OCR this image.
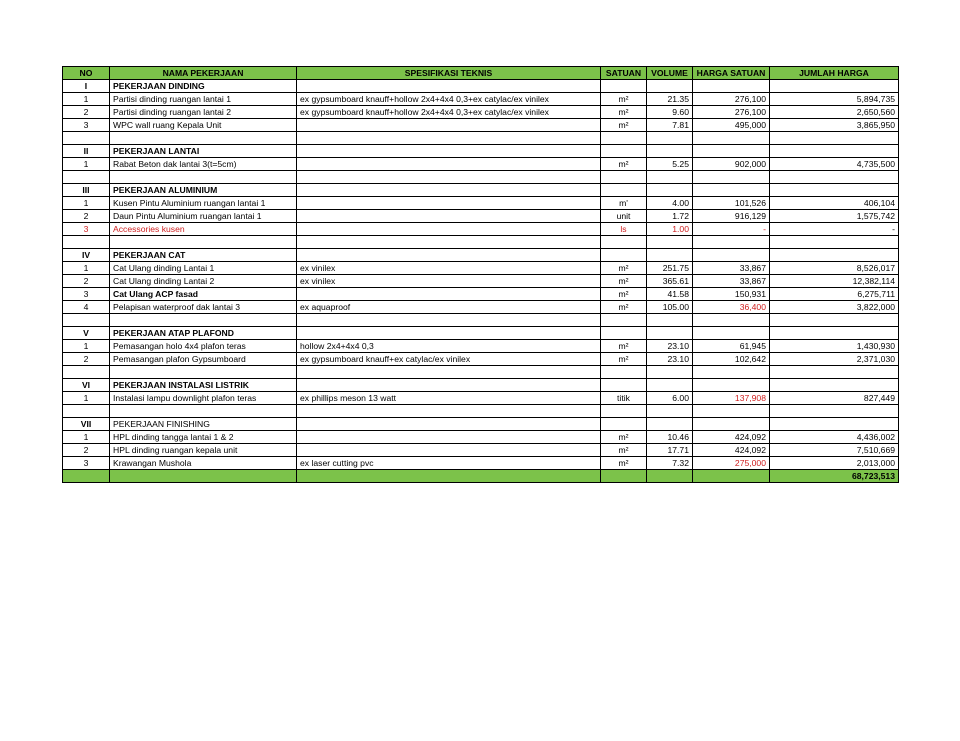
NO	NAMA PEKERJAAN	SPESIFIKASI TEKNIS	SATUAN	VOLUME	HARGA SATUAN	JUMLAH HARGA
I	PEKERJAAN DINDING					
1	Partisi dinding ruangan lantai 1	ex gypsumboard knauff+hollow 2x4+4x4 0,3+ex catylac/ex vinilex	m²	21.35	276,100	5,894,735
2	Partisi dinding ruangan lantai 2	ex gypsumboard knauff+hollow 2x4+4x4 0,3+ex catylac/ex vinilex	m²	9.60	276,100	2,650,560
3	WPC wall ruang Kepala Unit		m²	7.81	495,000	3,865,950

II	PEKERJAAN LANTAI					
1	Rabat Beton dak lantai 3(t=5cm)		m²	5.25	902,000	4,735,500

III	PEKERJAAN ALUMINIUM					
1	Kusen Pintu Aluminium ruangan lantai 1		m'	4.00	101,526	406,104
2	Daun Pintu Aluminium ruangan lantai 1		unit	1.72	916,129	1,575,742
3	Accessories kusen		ls	1.00	-	-

IV	PEKERJAAN CAT					
1	Cat Ulang dinding Lantai 1	ex vinilex	m²	251.75	33,867	8,526,017
2	Cat Ulang dinding Lantai 2	ex vinilex	m²	365.61	33,867	12,382,114
3	Cat Ulang ACP fasad		m²	41.58	150,931	6,275,711
4	Pelapisan waterproof dak lantai 3	ex aquaproof	m²	105.00	36,400	3,822,000

V	PEKERJAAN ATAP PLAFOND					
1	Pemasangan holo 4x4 plafon teras	hollow 2x4+4x4 0,3	m²	23.10	61,945	1,430,930
2	Pemasangan plafon Gypsumboard	ex gypsumboard knauff+ex catylac/ex vinilex	m²	23.10	102,642	2,371,030

VI	PEKERJAAN INSTALASI LISTRIK					
1	Instalasi lampu downlight plafon teras	ex phillips meson 13 watt	titik	6.00	137,908	827,449

VII	PEKERJAAN FINISHING					
1	HPL dinding tangga lantai 1 & 2		m²	10.46	424,092	4,436,002
2	HPL dinding ruangan kepala unit		m²	17.71	424,092	7,510,669
3	Krawangan Mushola	ex laser cutting pvc	m²	7.32	275,000	2,013,000
						68,723,513
